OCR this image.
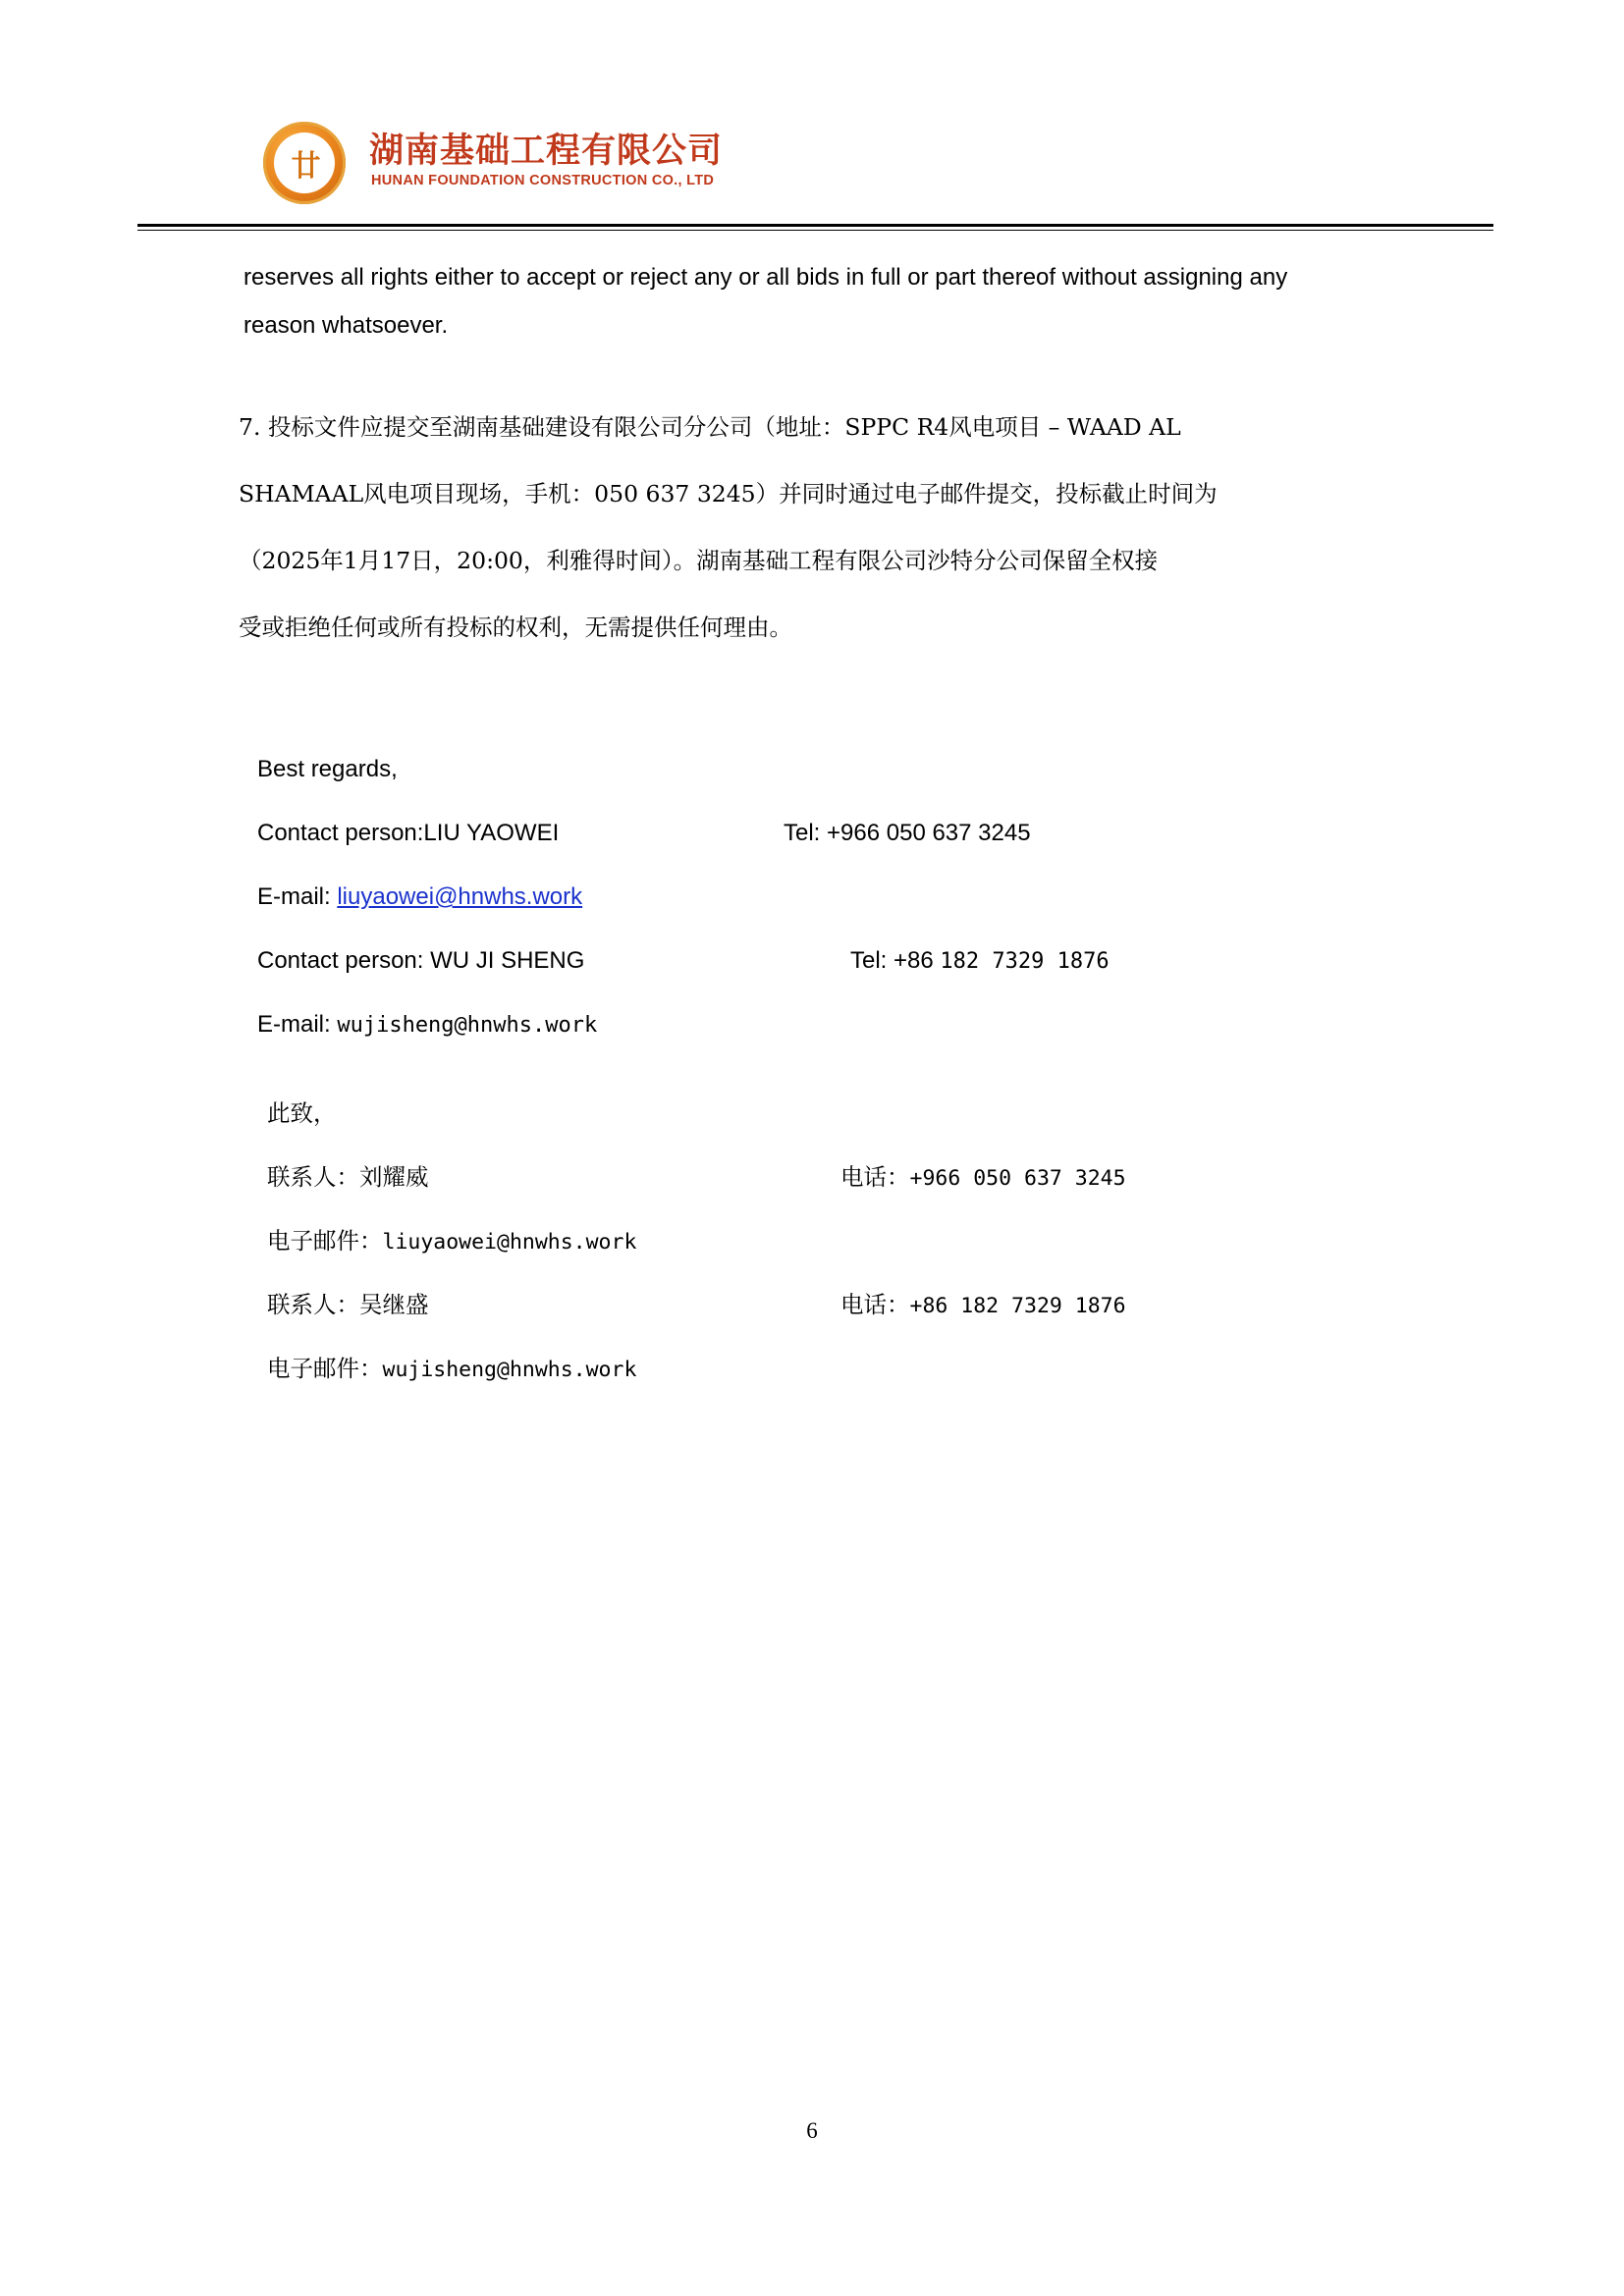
廿	湖南基础工程有限公司
HUNAN FOUNDATION CONSTRUCTION CO., LTD
reserves all rights either to accept or reject any or all bids in full or part thereof without assigning any reason whatsoever.
7. 投标文件应提交至湖南基础建设有限公司分公司（地址：SPPC R4风电项目 – WAAD AL
SHAMAAL风电项目现场，手机：050 637 3245）并同时通过电子邮件提交，投标截止时间为
（2025年1月17日，20:00，利雅得时间）。湖南基础工程有限公司沙特分公司保留全权接
受或拒绝任何或所有投标的权利，无需提供任何理由。
Best regards,
Contact person:LIU YAOWEI	Tel: +966 050 637 3245
E-mail: liuyaowei@hnwhs.work
Contact person: WU JI SHENG	Tel: +86 182 7329 1876
E-mail: wujisheng@hnwhs.work
此致，
联系人：刘耀威	电话：+966 050 637 3245
电子邮件：liuyaowei@hnwhs.work
联系人：吴继盛	电话：+86 182 7329 1876
电子邮件：wujisheng@hnwhs.work
6
